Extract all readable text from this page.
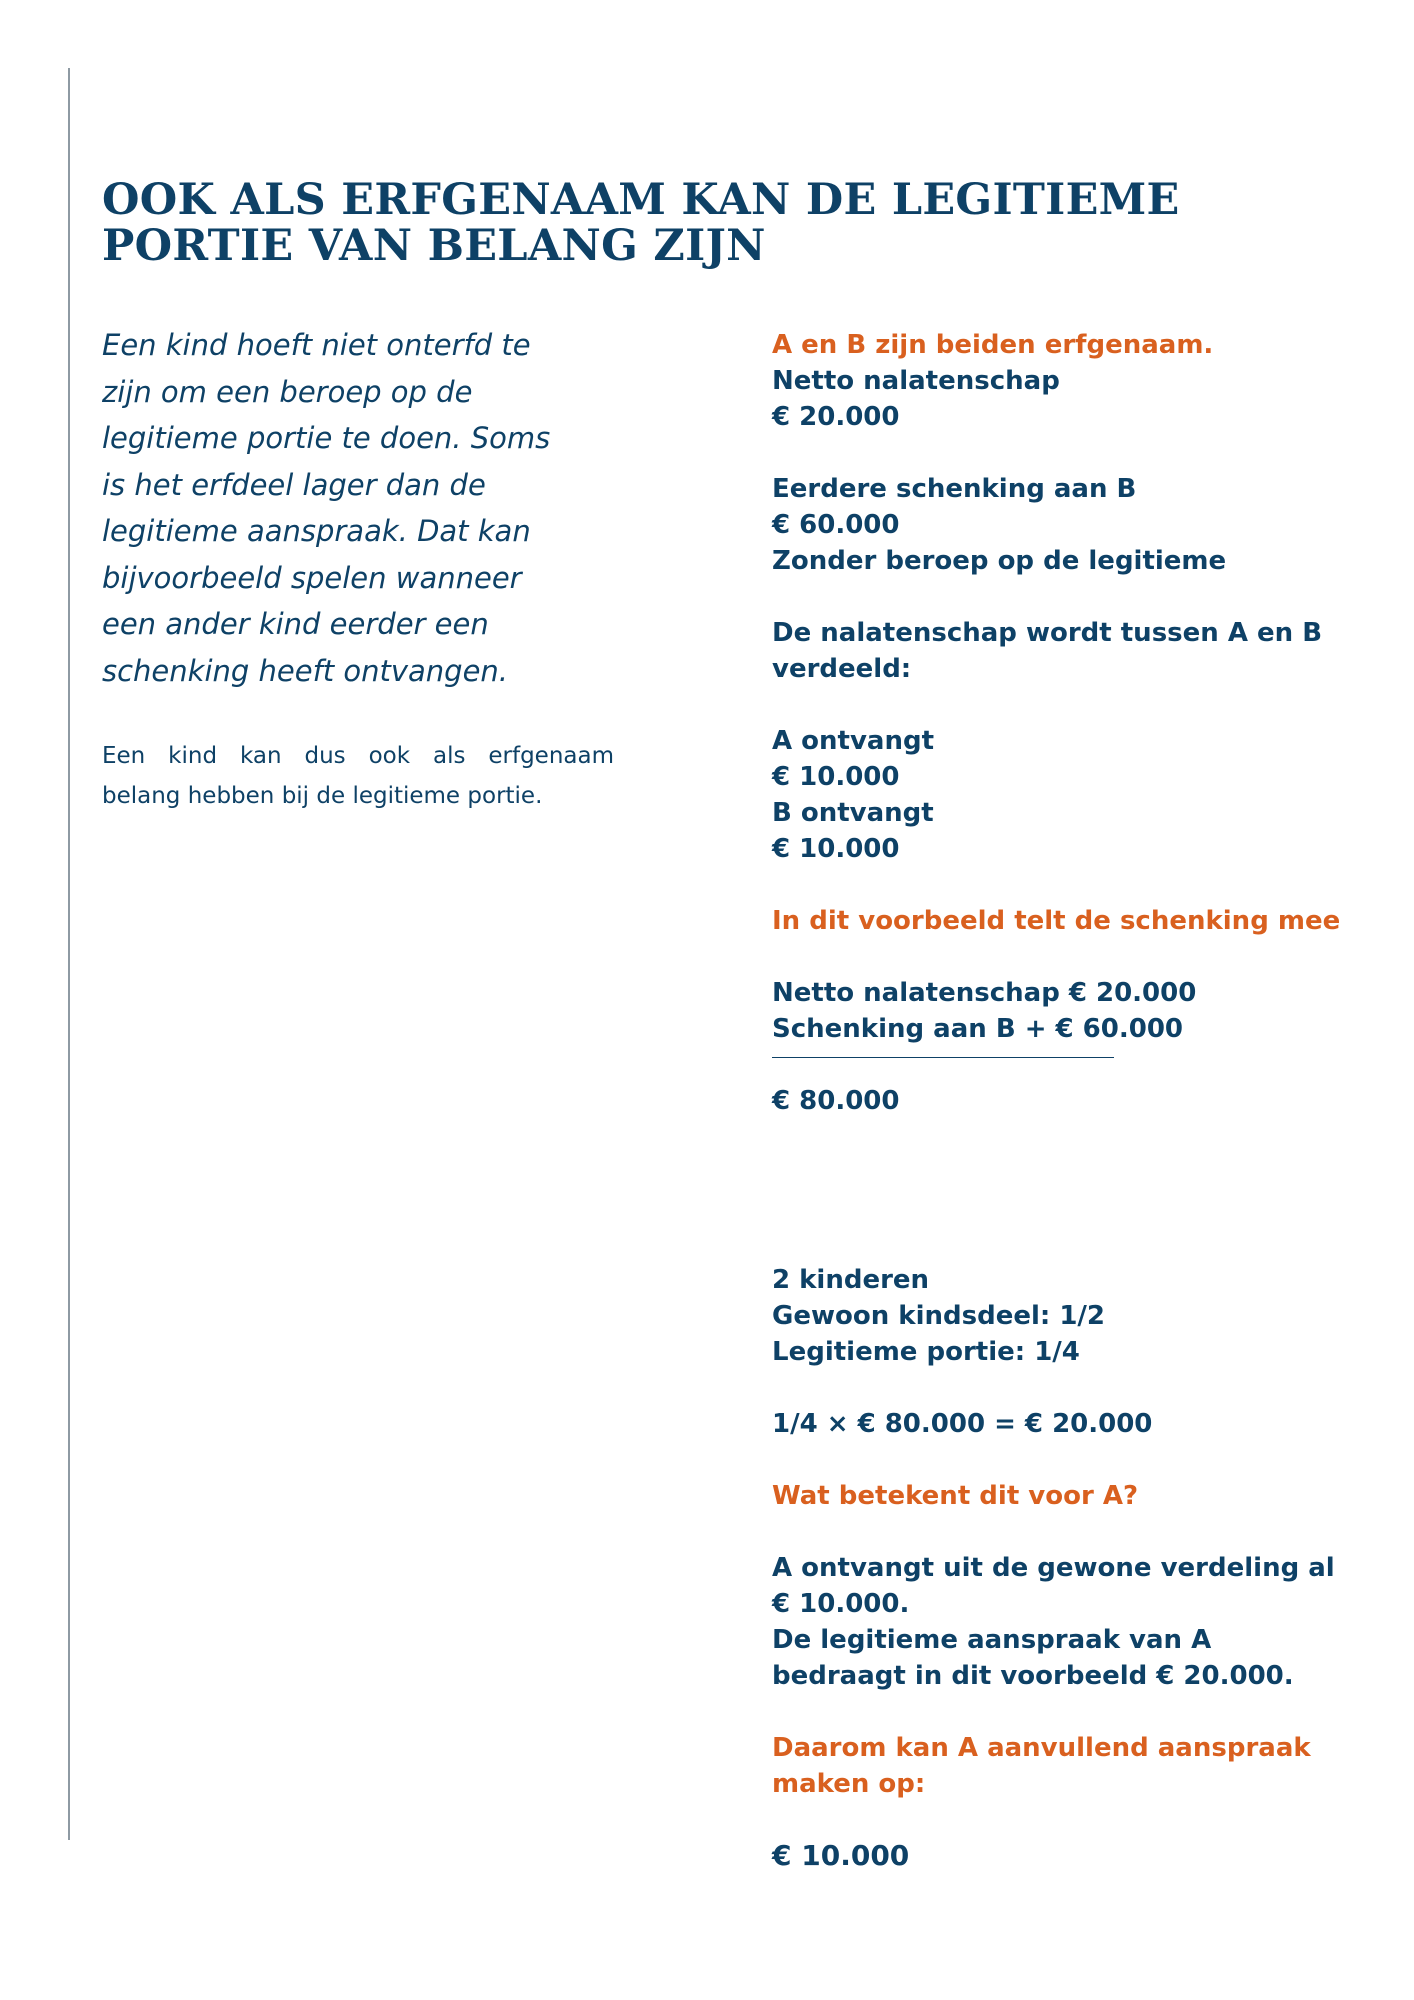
OOK ALS ERFGENAAM KAN DE LEGITIEME
PORTIE VAN BELANG ZIJN

Een kind hoeft niet onterfd te
zijn om een beroep op de
legitieme portie te doen. Soms
is het erfdeel lager dan de
legitieme aanspraak. Dat kan
bijvoorbeeld spelen wanneer
een ander kind eerder een
schenking heeft ontvangen.

Een kind kan dus ook als erfgenaam
belang hebben bij de legitieme portie.

A en B zijn beiden erfgenaam.

Netto nalatenschap

€ 20.000

Eerdere schenking aan B

€ 60.000

Zonder beroep op de legitieme

De nalatenschap wordt tussen A en B

verdeeld:

A ontvangt

€ 10.000

B ontvangt

€ 10.000

In dit voorbeeld telt de schenking mee

Netto nalatenschap € 20.000

Schenking aan B + € 60.000

€ 80.000

2 kinderen

Gewoon kindsdeel: 1/2

Legitieme portie: 1/4

1/4 × € 80.000 = € 20.000

Wat betekent dit voor A?

A ontvangt uit de gewone verdeling al

€ 10.000.

De legitieme aanspraak van A

bedraagt in dit voorbeeld € 20.000.

Daarom kan A aanvullend aanspraak

maken op:

€ 10.000
